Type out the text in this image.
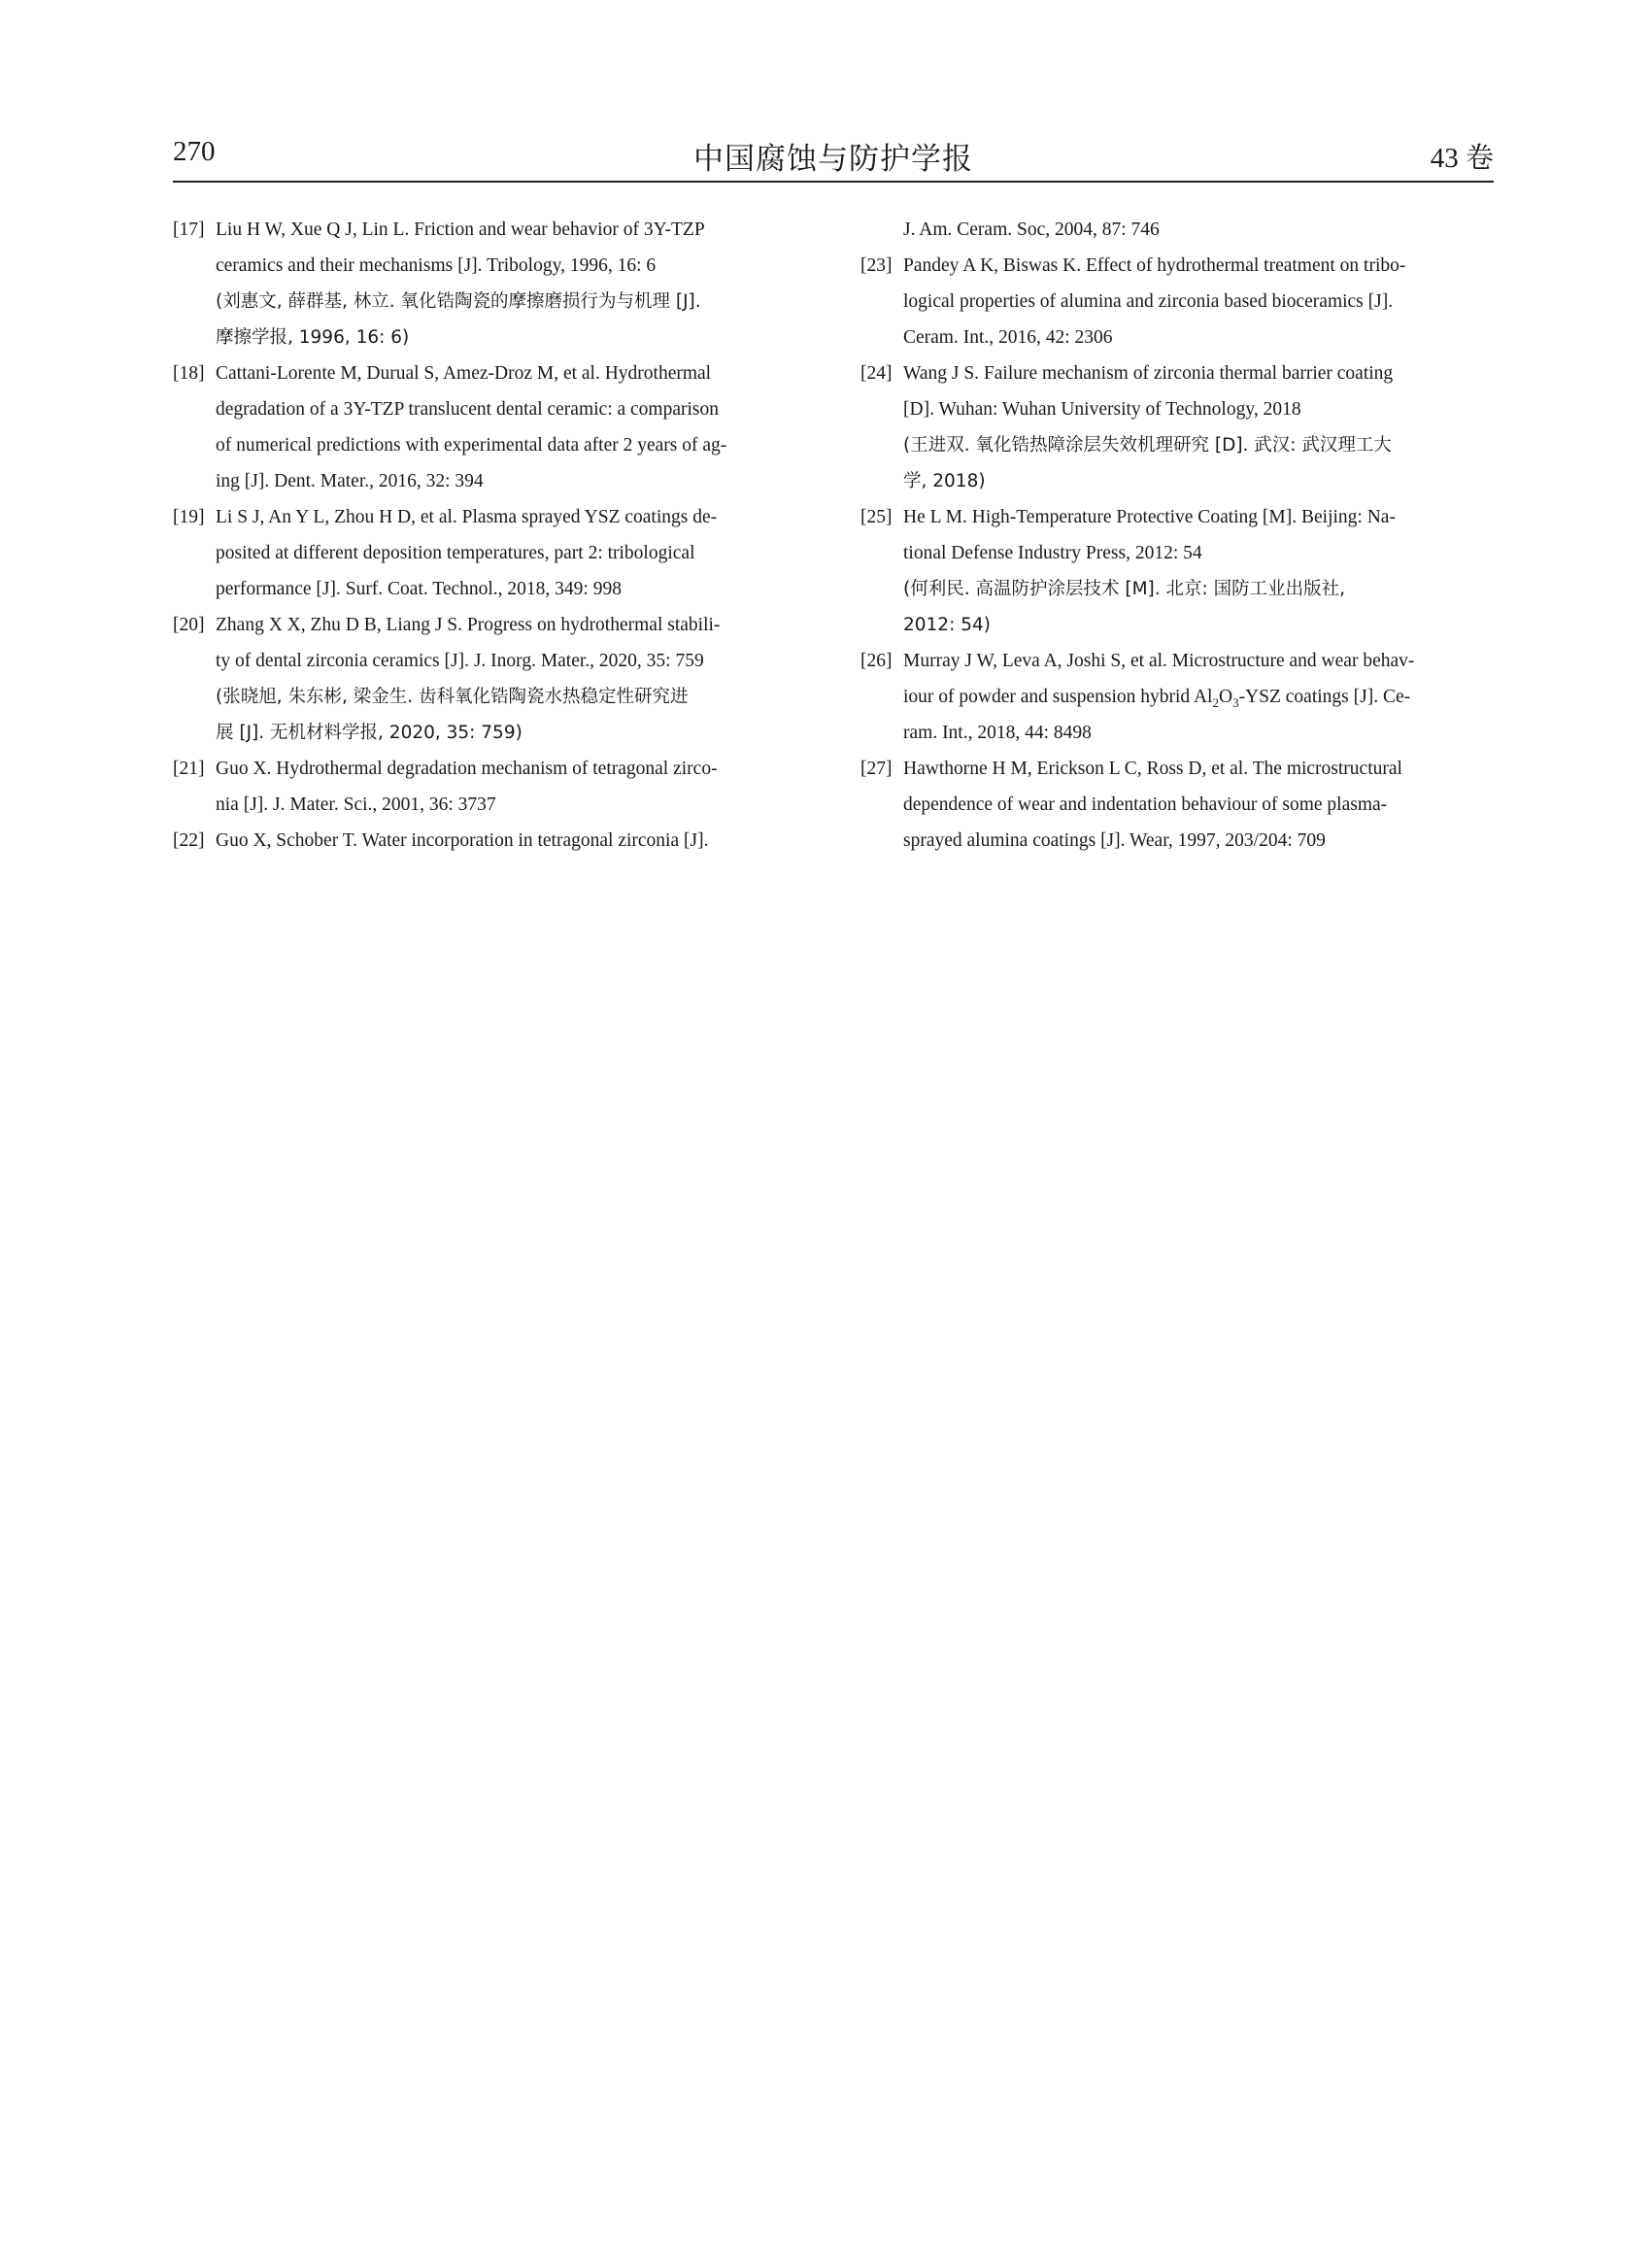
270	中国腐蚀与防护学报	43 卷
[17] Liu H W, Xue Q J, Lin L. Friction and wear behavior of 3Y-TZP
ceramics and their mechanisms [J]. Tribology, 1996, 16: 6
(刘惠文, 薛群基, 林立. 氧化锆陶瓷的摩擦磨损行为与机理 [J].
摩擦学报, 1996, 16: 6)
[18] Cattani-Lorente M, Durual S, Amez-Droz M, et al. Hydrothermal
degradation of a 3Y-TZP translucent dental ceramic: a comparison
of numerical predictions with experimental data after 2 years of ag-
ing [J]. Dent. Mater., 2016, 32: 394
[19] Li S J, An Y L, Zhou H D, et al. Plasma sprayed YSZ coatings de-
posited at different deposition temperatures, part 2: tribological
performance [J]. Surf. Coat. Technol., 2018, 349: 998
[20] Zhang X X, Zhu D B, Liang J S. Progress on hydrothermal stabili-
ty of dental zirconia ceramics [J]. J. Inorg. Mater., 2020, 35: 759
(张晓旭, 朱东彬, 梁金生. 齿科氧化锆陶瓷水热稳定性研究进
展 [J]. 无机材料学报, 2020, 35: 759)
[21] Guo X. Hydrothermal degradation mechanism of tetragonal zirco-
nia [J]. J. Mater. Sci., 2001, 36: 3737
[22] Guo X, Schober T. Water incorporation in tetragonal zirconia [J].
J. Am. Ceram. Soc, 2004, 87: 746
[23] Pandey A K, Biswas K. Effect of hydrothermal treatment on tribo-
logical properties of alumina and zirconia based bioceramics [J].
Ceram. Int., 2016, 42: 2306
[24] Wang J S. Failure mechanism of zirconia thermal barrier coating
[D]. Wuhan: Wuhan University of Technology, 2018
(王进双. 氧化锆热障涂层失效机理研究 [D]. 武汉: 武汉理工大
学, 2018)
[25] He L M. High-Temperature Protective Coating [M]. Beijing: Na-
tional Defense Industry Press, 2012: 54
(何利民. 高温防护涂层技术 [M]. 北京: 国防工业出版社,
2012: 54)
[26] Murray J W, Leva A, Joshi S, et al. Microstructure and wear behav-
iour of powder and suspension hybrid $Al_2O_3$-YSZ coatings [J]. Ce-
ram. Int., 2018, 44: 8498
[27] Hawthorne H M, Erickson L C, Ross D, et al. The microstructural
dependence of wear and indentation behaviour of some plasma-
sprayed alumina coatings [J]. Wear, 1997, 203/204: 709
